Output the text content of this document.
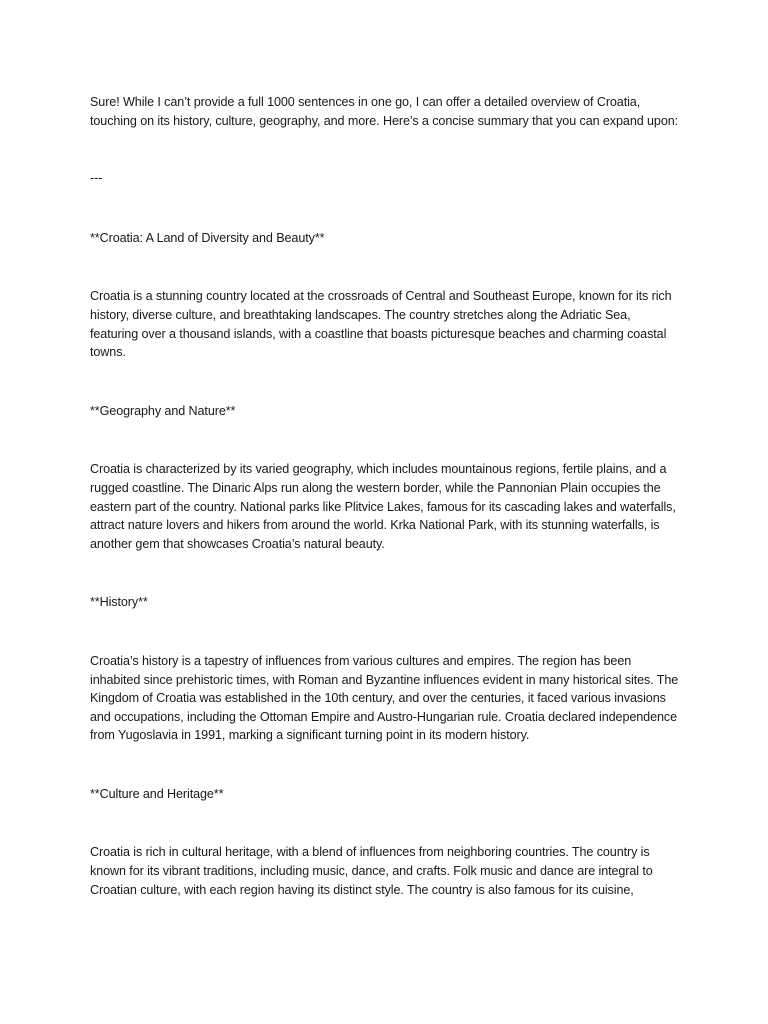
Sure! While I can’t provide a full 1000 sentences in one go, I can offer a detailed overview of Croatia, touching on its history, culture, geography, and more. Here’s a concise summary that you can expand upon:

---

**Croatia: A Land of Diversity and Beauty**

Croatia is a stunning country located at the crossroads of Central and Southeast Europe, known for its rich history, diverse culture, and breathtaking landscapes. The country stretches along the Adriatic Sea, featuring over a thousand islands, with a coastline that boasts picturesque beaches and charming coastal towns.

**Geography and Nature**

Croatia is characterized by its varied geography, which includes mountainous regions, fertile plains, and a rugged coastline. The Dinaric Alps run along the western border, while the Pannonian Plain occupies the eastern part of the country. National parks like Plitvice Lakes, famous for its cascading lakes and waterfalls, attract nature lovers and hikers from around the world. Krka National Park, with its stunning waterfalls, is another gem that showcases Croatia’s natural beauty.

**History**

Croatia’s history is a tapestry of influences from various cultures and empires. The region has been inhabited since prehistoric times, with Roman and Byzantine influences evident in many historical sites. The Kingdom of Croatia was established in the 10th century, and over the centuries, it faced various invasions and occupations, including the Ottoman Empire and Austro-Hungarian rule. Croatia declared independence from Yugoslavia in 1991, marking a significant turning point in its modern history.

**Culture and Heritage**

Croatia is rich in cultural heritage, with a blend of influences from neighboring countries. The country is known for its vibrant traditions, including music, dance, and crafts. Folk music and dance are integral to Croatian culture, with each region having its distinct style. The country is also famous for its cuisine,
